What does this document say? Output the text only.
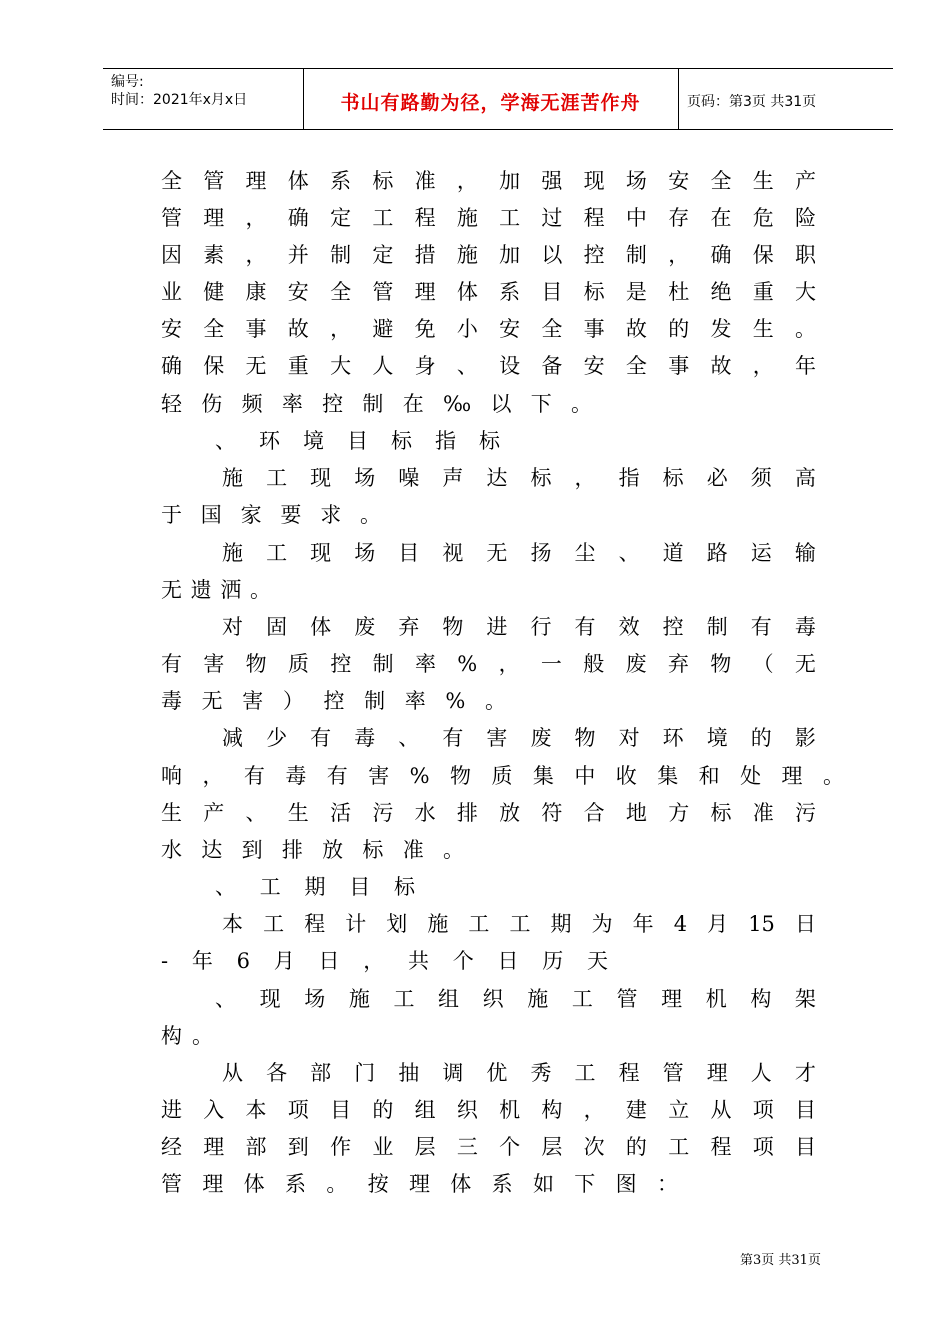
编号:
时间：2021年x月x日	书山有路勤为径，学海无涯苦作舟	页码：第3页 共31页
全 管 理 体 系 标 准 ， 加 强 现 场 安 全 生 产
管 理 ， 确 定 工 程 施 工 过 程 中 存 在 危 险
因 素 ， 并 制 定 措 施 加 以 控 制 ， 确 保 职
业 健 康 安 全 管 理 体 系 目 标 是 杜 绝 重 大
安 全 事 故 ， 避 免 小 安 全 事 故 的 发 生 。
确 保 无 重 大 人 身 、 设 备 安 全 事 故 ， 年
轻 伤 频 率 控 制 在 ‰ 以 下 。
、 环 境 目 标 指 标
施 工 现 场 噪 声 达 标 ， 指 标 必 须 高
于 国 家 要 求 。
施 工 现 场 目 视 无 扬 尘 、 道 路 运 输
无 遗 洒 。
对 固 体 废 弃 物 进 行 有 效 控 制 有 毒
有 害 物 质 控 制 率 % ， 一 般 废 弃 物 （ 无
毒 无 害 ） 控 制 率 % 。
减 少 有 毒 、 有 害 废 物 对 环 境 的 影
响 ， 有 毒 有 害 % 物 质 集 中 收 集 和 处 理 。
生 产 、 生 活 污 水 排 放 符 合 地 方 标 准 污
水 达 到 排 放 标 准 。
、 工 期 目 标
本 工 程 计 划 施 工 工 期 为 年 4 月 15 日
- 年 6 月 日 ， 共 个 日 历 天
、 现 场 施 工 组 织 施 工 管 理 机 构 架
构 。
从 各 部 门 抽 调 优 秀 工 程 管 理 人 才
进 入 本 项 目 的 组 织 机 构 ， 建 立 从 项 目
经 理 部 到 作 业 层 三 个 层 次 的 工 程 项 目
管 理 体 系 。 按 理 体 系 如 下 图 ：
第3页 共31页
